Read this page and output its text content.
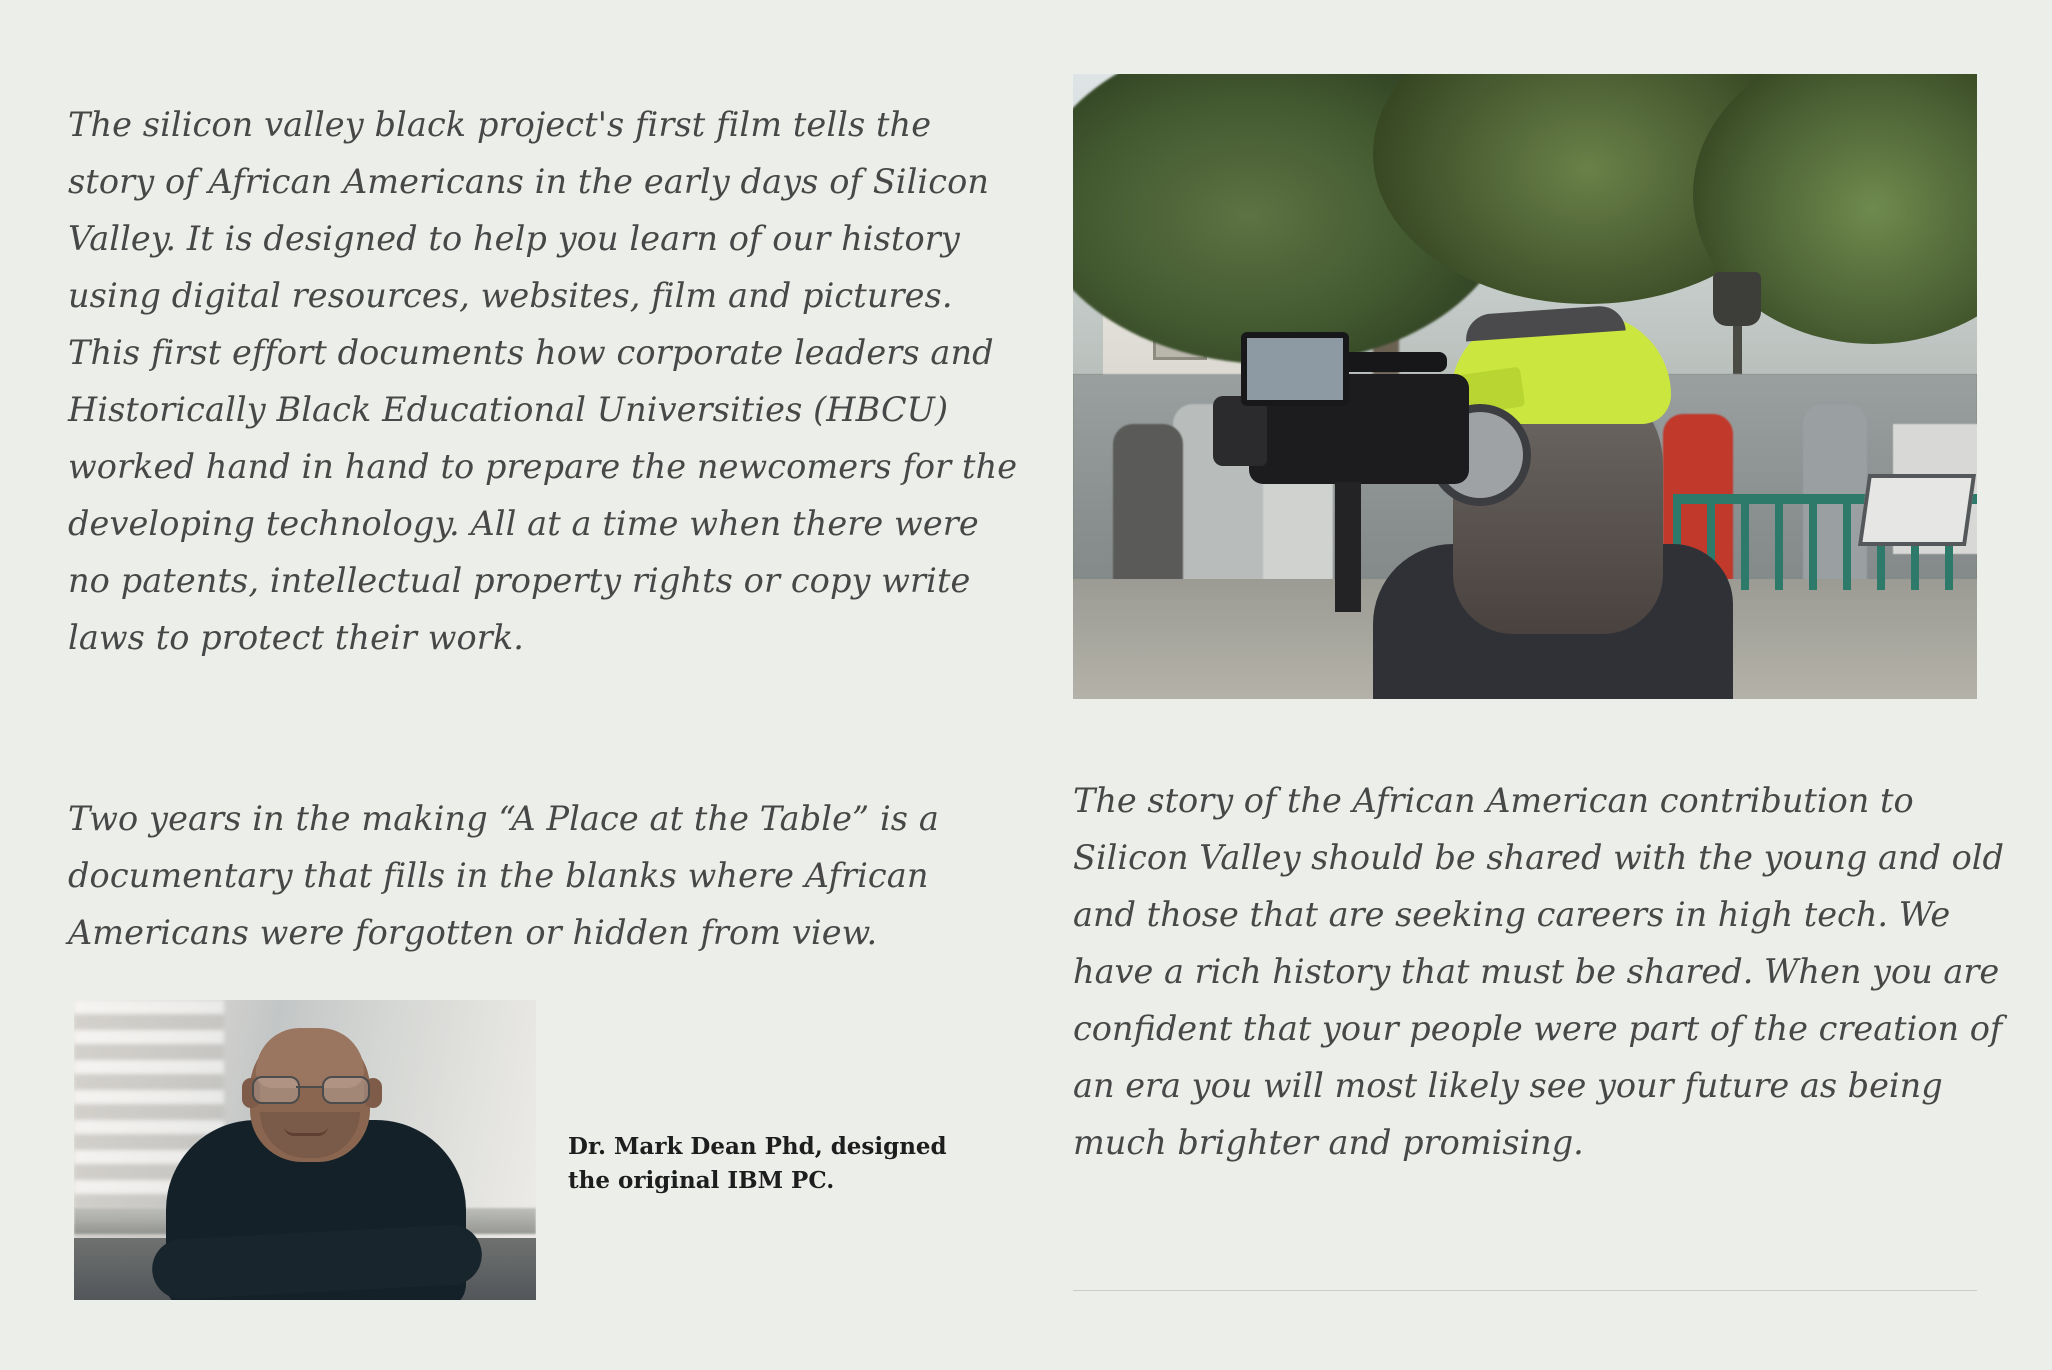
The silicon valley black project's first film tells the story of African Americans in the early days of Silicon Valley. It is designed to help you learn of our history using digital resources, websites, film and pictures. This first effort documents how corporate leaders and Historically Black Educational Universities (HBCU) worked hand in hand to prepare the newcomers for the developing technology. All at a time when there were no patents, intellectual property rights or copy write laws to protect their work.

Two years in the making “A Place at the Table” is a documentary that fills in the blanks where African Americans were forgotten or hidden from view.

Dr. Mark Dean Phd, designed the original IBM PC.

The story of the African American contribution to Silicon Valley should be shared with the young and old and those that are seeking careers in high tech. We have a rich history that must be shared. When you are confident that your people were part of the creation of an era you will most likely see your future as being much brighter and promising.
